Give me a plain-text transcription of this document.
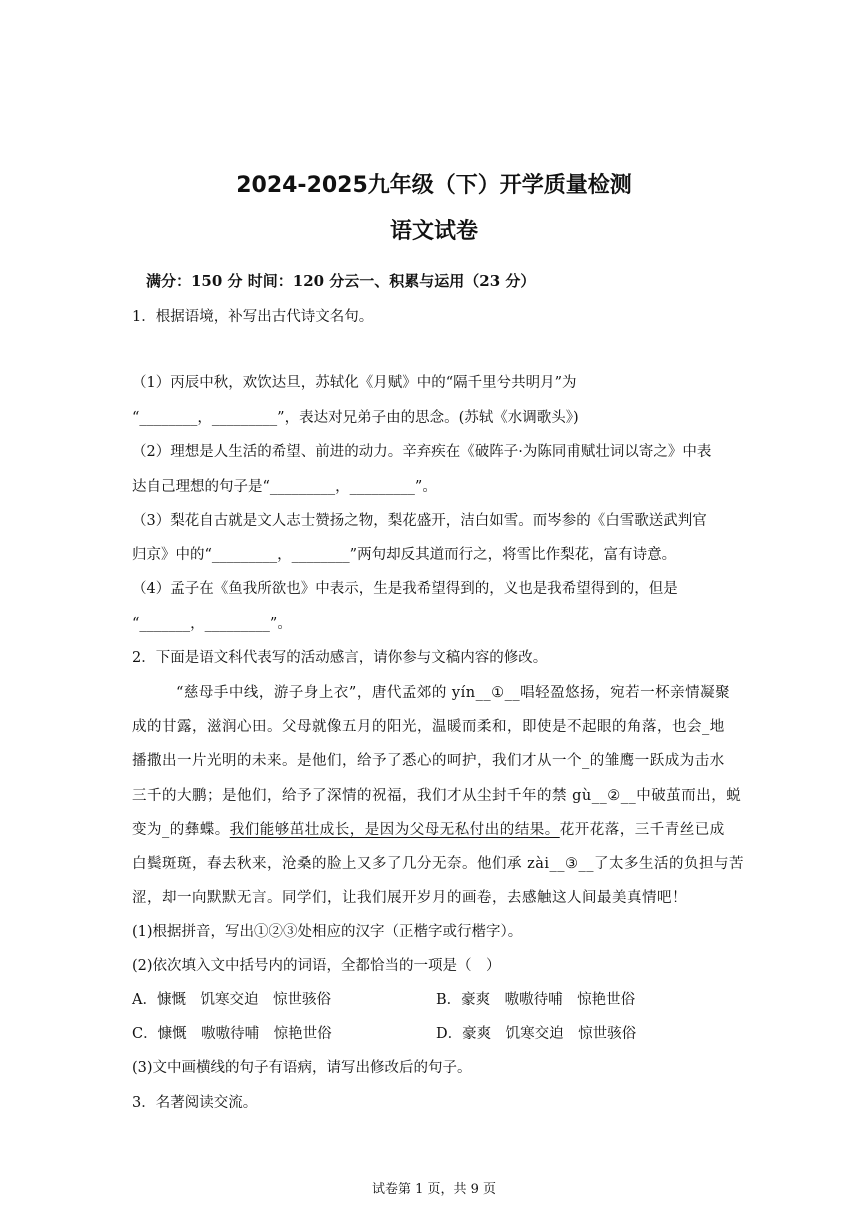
2024-2025九年级（下）开学质量检测
语文试卷
满分：150 分 时间：120 分云一、积累与运用（23 分）
1．根据语境，补写出古代诗文名句。
（1）丙辰中秋，欢饮达旦，苏轼化《月赋》中的“隔千里兮共明月”为
“________，_________”，表达对兄弟子由的思念。(苏轼《水调歌头》)
（2）理想是人生活的希望、前进的动力。辛弃疾在《破阵子·为陈同甫赋壮词以寄之》中表
达自己理想的句子是“_________，_________”。
（3）梨花自古就是文人志士赞扬之物，梨花盛开，洁白如雪。而岑参的《白雪歌送武判官
归京》中的“_________，________”两句却反其道而行之，将雪比作梨花，富有诗意。
（4）孟子在《鱼我所欲也》中表示，生是我希望得到的，义也是我希望得到的，但是
“_______，_________”。
2．下面是语文科代表写的活动感言，请你参与文稿内容的修改。
“慈母手中线，游子身上衣”，唐代孟郊的 yín__①__唱轻盈悠扬，宛若一杯亲情凝聚
成的甘露，滋润心田。父母就像五月的阳光，温暖而柔和，即使是不起眼的角落，也会_地
播撒出一片光明的未来。是他们，给予了悉心的呵护，我们才从一个_的雏鹰一跃成为击水
三千的大鹏；是他们，给予了深情的祝福，我们才从尘封千年的禁 gù__②__中破茧而出，蜕
变为_的彝蝶。我们能够茁壮成长，是因为父母无私付出的结果。花开花落，三千青丝已成
白鬓斑斑，春去秋来，沧桑的脸上又多了几分无奈。他们承 zài__③__了太多生活的负担与苦
涩，却一向默默无言。同学们，让我们展开岁月的画卷，去感触这人间最美真情吧！
(1)根据拼音，写出①②③处相应的汉字（正楷字或行楷字）。
(2)依次填入文中括号内的词语，全都恰当的一项是（　）
A．慷慨　饥寒交迫　惊世骇俗	B．豪爽　嗷嗷待哺　惊艳世俗
C．慷慨　嗷嗷待哺　惊艳世俗	D．豪爽　饥寒交迫　惊世骇俗
(3)文中画横线的句子有语病，请写出修改后的句子。
3．名著阅读交流。
试卷第 1 页，共 9 页
